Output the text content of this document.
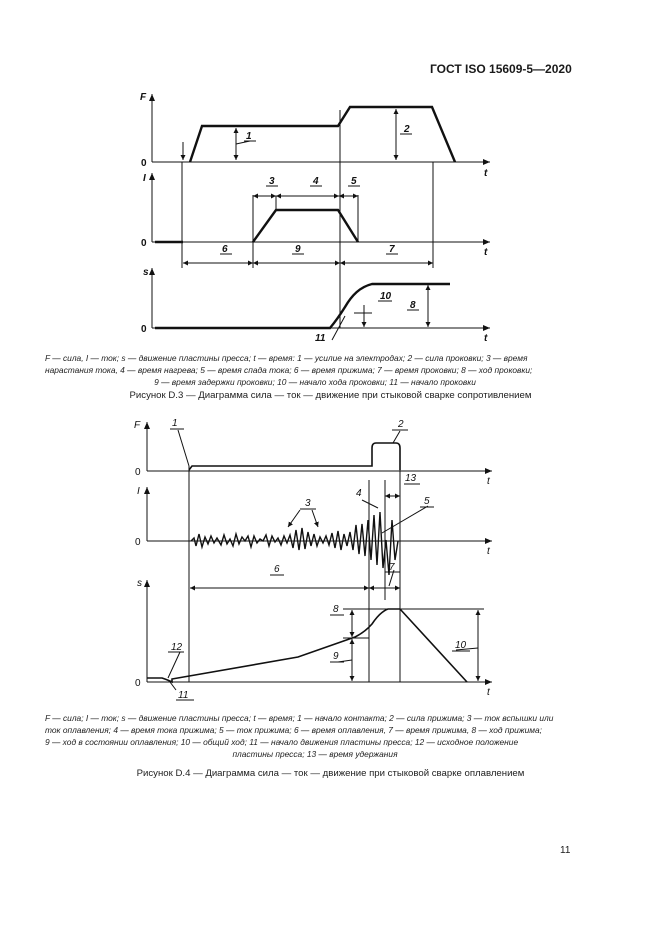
ГОСТ ISO 15609-5—2020
F
I
s
0
0
0
t
t
t
1
2
3	4	5
6	9	7
8
10
11
F — сила, I — ток; s — движение пластины пресса; t — время: 1 — усилие на электродах; 2 — сила проковки; 3 — время
нарастания тока, 4 — время нагрева; 5 — время спада тока; 6 — время прижима; 7 — время проковки; 8 — ход проковки;
9 — время задержки проковки; 10 — начало хода проковки; 11 — начало проковки
Рисунок D.3 — Диаграмма сила — ток — движение при стыковой сварке сопротивлением
F
I
s
0
0
0
t
t
t
1	2
3
4
5
13
6	7
8
9
10
12
11
F — сила; I — ток; s — движение пластины пресса; t — время; 1 — начало контакта; 2 — сила прижима; 3 — ток вспышки или
ток оплавления; 4 — время тока прижима; 5 — ток прижима; 6 — время оплавления, 7 — время прижима, 8 — ход прижима;
9 — ход в состоянии оплавления; 10 — общий ход; 11 — начало движения пластины пресса; 12 — исходное положение
пластины пресса; 13 — время удержания
Рисунок D.4 — Диаграмма сила — ток — движение при стыковой сварке оплавлением
11
